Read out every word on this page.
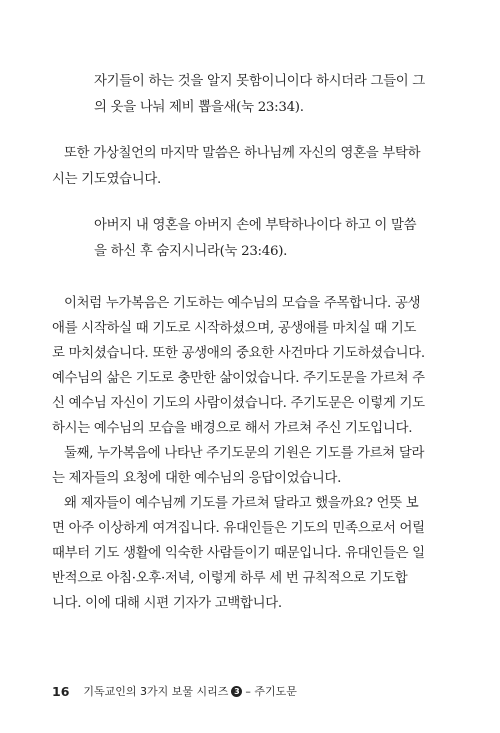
자기들이 하는 것을 알지 못함이니이다 하시더라 그들이 그
의 옷을 나눠 제비 뽑을새(눅 23:34).
또한 가상칠언의 마지막 말씀은 하나님께 자신의 영혼을 부탁하
시는 기도였습니다.
아버지 내 영혼을 아버지 손에 부탁하나이다 하고 이 말씀
을 하신 후 숨지시니라(눅 23:46).
이처럼 누가복음은 기도하는 예수님의 모습을 주목합니다. 공생
애를 시작하실 때 기도로 시작하셨으며, 공생애를 마치실 때 기도
로 마치셨습니다. 또한 공생애의 중요한 사건마다 기도하셨습니다.
예수님의 삶은 기도로 충만한 삶이었습니다. 주기도문을 가르쳐 주
신 예수님 자신이 기도의 사람이셨습니다. 주기도문은 이렇게 기도
하시는 예수님의 모습을 배경으로 해서 가르쳐 주신 기도입니다.
둘째, 누가복음에 나타난 주기도문의 기원은 기도를 가르쳐 달라
는 제자들의 요청에 대한 예수님의 응답이었습니다.
왜 제자들이 예수님께 기도를 가르쳐 달라고 했을까요? 언뜻 보
면 아주 이상하게 여겨집니다. 유대인들은 기도의 민족으로서 어릴
때부터 기도 생활에 익숙한 사람들이기 때문입니다. 유대인들은 일
반적으로 아침·오후·저녁, 이렇게 하루 세 번 규칙적으로 기도합
니다. 이에 대해 시편 기자가 고백합니다.
16 기독교인의 3가지 보물 시리즈 3 – 주기도문
